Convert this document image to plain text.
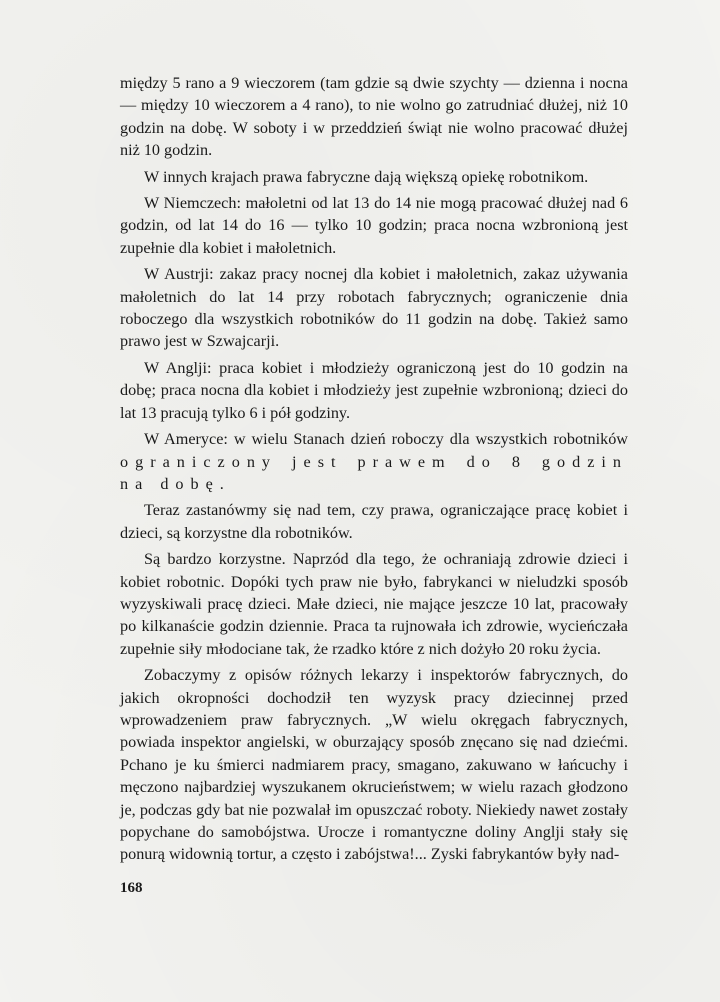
między 5 rano a 9 wieczorem (tam gdzie są dwie szychty — dzienna i nocna — między 10 wieczorem a 4 rano), to nie wolno go zatrudniać dłużej, niż 10 godzin na dobę. W soboty i w przeddzień świąt nie wolno pracować dłużej niż 10 godzin.

W innych krajach prawa fabryczne dają większą opiekę robotnikom.

W Niemczech: małoletni od lat 13 do 14 nie mogą pracować dłużej nad 6 godzin, od lat 14 do 16 — tylko 10 godzin; praca nocna wzbronioną jest zupełnie dla kobiet i małoletnich.

W Austrji: zakaz pracy nocnej dla kobiet i małoletnich, zakaz używania małoletnich do lat 14 przy robotach fabrycznych; ograniczenie dnia roboczego dla wszystkich robotników do 11 godzin na dobę. Takież samo prawo jest w Szwajcarji.

W Anglji: praca kobiet i młodzieży ograniczoną jest do 10 godzin na dobę; praca nocna dla kobiet i młodzieży jest zupełnie wzbronioną; dzieci do lat 13 pracują tylko 6 i pół godziny.

W Ameryce: w wielu Stanach dzień roboczy dla wszystkich robotników ograniczony jest prawem do 8 godzin na dobę.

Teraz zastanówmy się nad tem, czy prawa, ograniczające pracę kobiet i dzieci, są korzystne dla robotników.

Są bardzo korzystne. Naprzód dla tego, że ochraniają zdrowie dzieci i kobiet robotnic. Dopóki tych praw nie było, fabrykanci w nieludzki sposób wyzyskiwali pracę dzieci. Małe dzieci, nie mające jeszcze 10 lat, pracowały po kilkanaście godzin dziennie. Praca ta rujnowała ich zdrowie, wycieńczała zupełnie siły młodociane tak, że rzadko które z nich dożyło 20 roku życia.

Zobaczymy z opisów różnych lekarzy i inspektorów fabrycznych, do jakich okropności dochodził ten wyzysk pracy dziecinnej przed wprowadzeniem praw fabrycznych. „W wielu okręgach fabrycznych, powiada inspektor angielski, w oburzający sposób znęcano się nad dziećmi. Pchano je ku śmierci nadmiarem pracy, smagano, zakuwano w łańcuchy i męczono najbardziej wyszukanem okrucieństwem; w wielu razach głodzono je, podczas gdy bat nie pozwalał im opuszczać roboty. Niekiedy nawet zostały popychane do samobójstwa. Urocze i romantyczne doliny Anglji stały się ponurą widownią tortur, a często i zabójstwa!... Zyski fabrykantów były nad-

168
